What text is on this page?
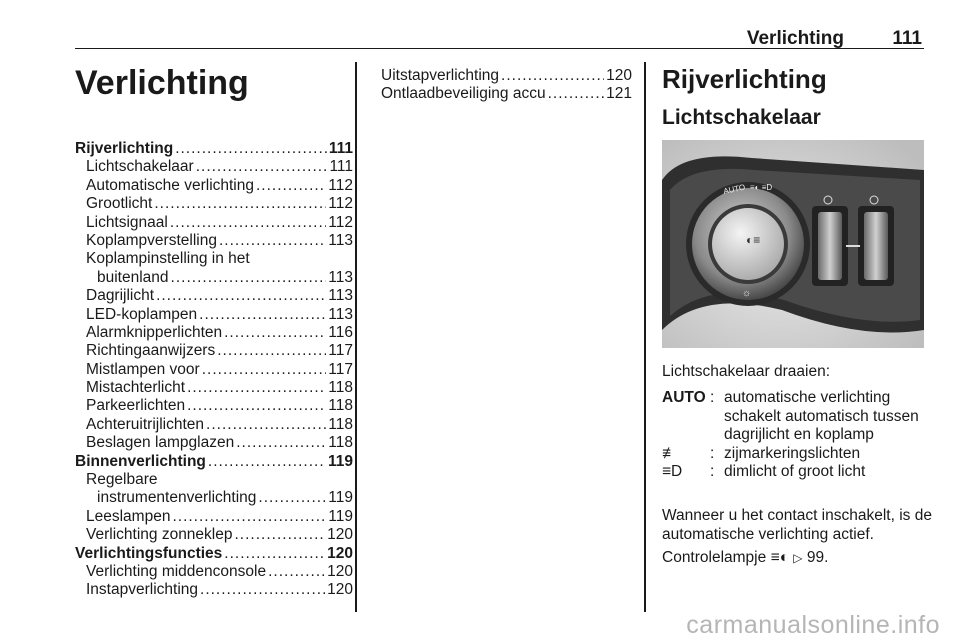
Verlichting	111
Verlichting
Rijverlichting .....	111
Lichtschakelaar .....	111
Automatische verlichting .....	112
Grootlicht .....	112
Lichtsignaal .....	112
Koplampverstelling .....	113
Koplampinstelling in het
buitenland .....	113
Dagrijlicht .....	113
LED-koplampen .....	113
Alarmknipperlichten .....	116
Richtingaanwijzers .....	117
Mistlampen voor .....	117
Mistachterlicht .....	118
Parkeerlichten .....	118
Achteruitrijlichten .....	118
Beslagen lampglazen .....	118
Binnenverlichting .....	119
Regelbare
instrumentenverlichting .....	119
Leeslampen .....	119
Verlichting zonneklep .....	120
Verlichtingsfuncties .....	120
Verlichting middenconsole .....	120
Instapverlichting .....	120
Uitstapverlichting .....	120
Ontlaadbeveiliging accu .....	121 Rijverlichting
Lichtschakelaar
◐≡
AUTO ≡◐ ≡D
☼
Lichtschakelaar draaien:
AUTO : automatische verlichting schakelt automatisch tussen dagrijlicht en koplamp
≢	: zijmarkeringslichten
≡D	: dimlicht of groot licht
Wanneer u het contact inschakelt, is de automatische verlichting actief.
Controlelampje ≡◐ ▷ 99.
carmanualsonline.info
